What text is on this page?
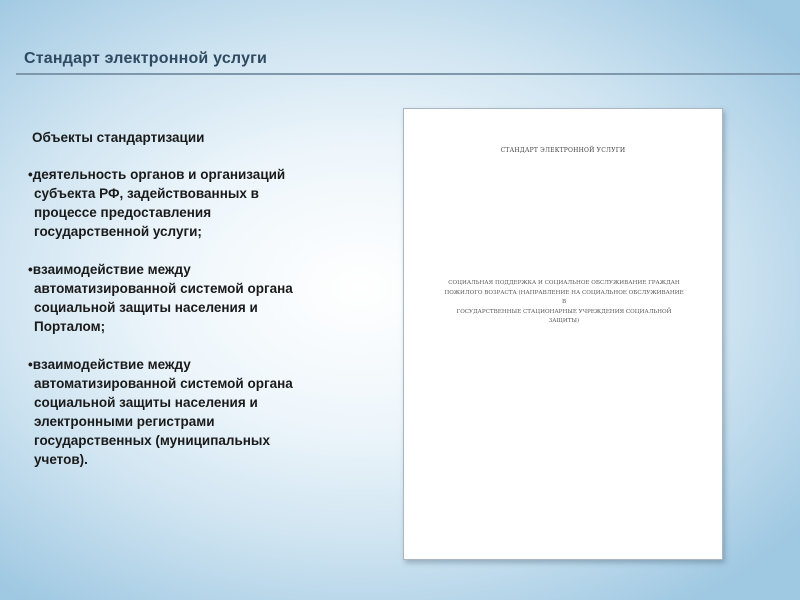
Стандарт электронной услуги
Объекты стандартизации
•деятельность органов и организаций
субъекта РФ, задействованных в
процессе предоставления
государственной услуги;
•взаимодействие между
автоматизированной системой органа
социальной защиты населения и
Порталом;
•взаимодействие между
автоматизированной системой органа
социальной защиты населения и
электронными регистрами
государственных (муниципальных
учетов).
СТАНДАРТ ЭЛЕКТРОННОЙ УСЛУГИ
СОЦИАЛЬНАЯ ПОДДЕРЖКА И СОЦИАЛЬНОЕ ОБСЛУЖИВАНИЕ ГРАЖДАН
ПОЖИЛОГО ВОЗРАСТА (НАПРАВЛЕНИЕ НА СОЦИАЛЬНОЕ ОБСЛУЖИВАНИЕ В
ГОСУДАРСТВЕННЫЕ СТАЦИОНАРНЫЕ УЧРЕЖДЕНИЯ СОЦИАЛЬНОЙ ЗАЩИТЫ)
